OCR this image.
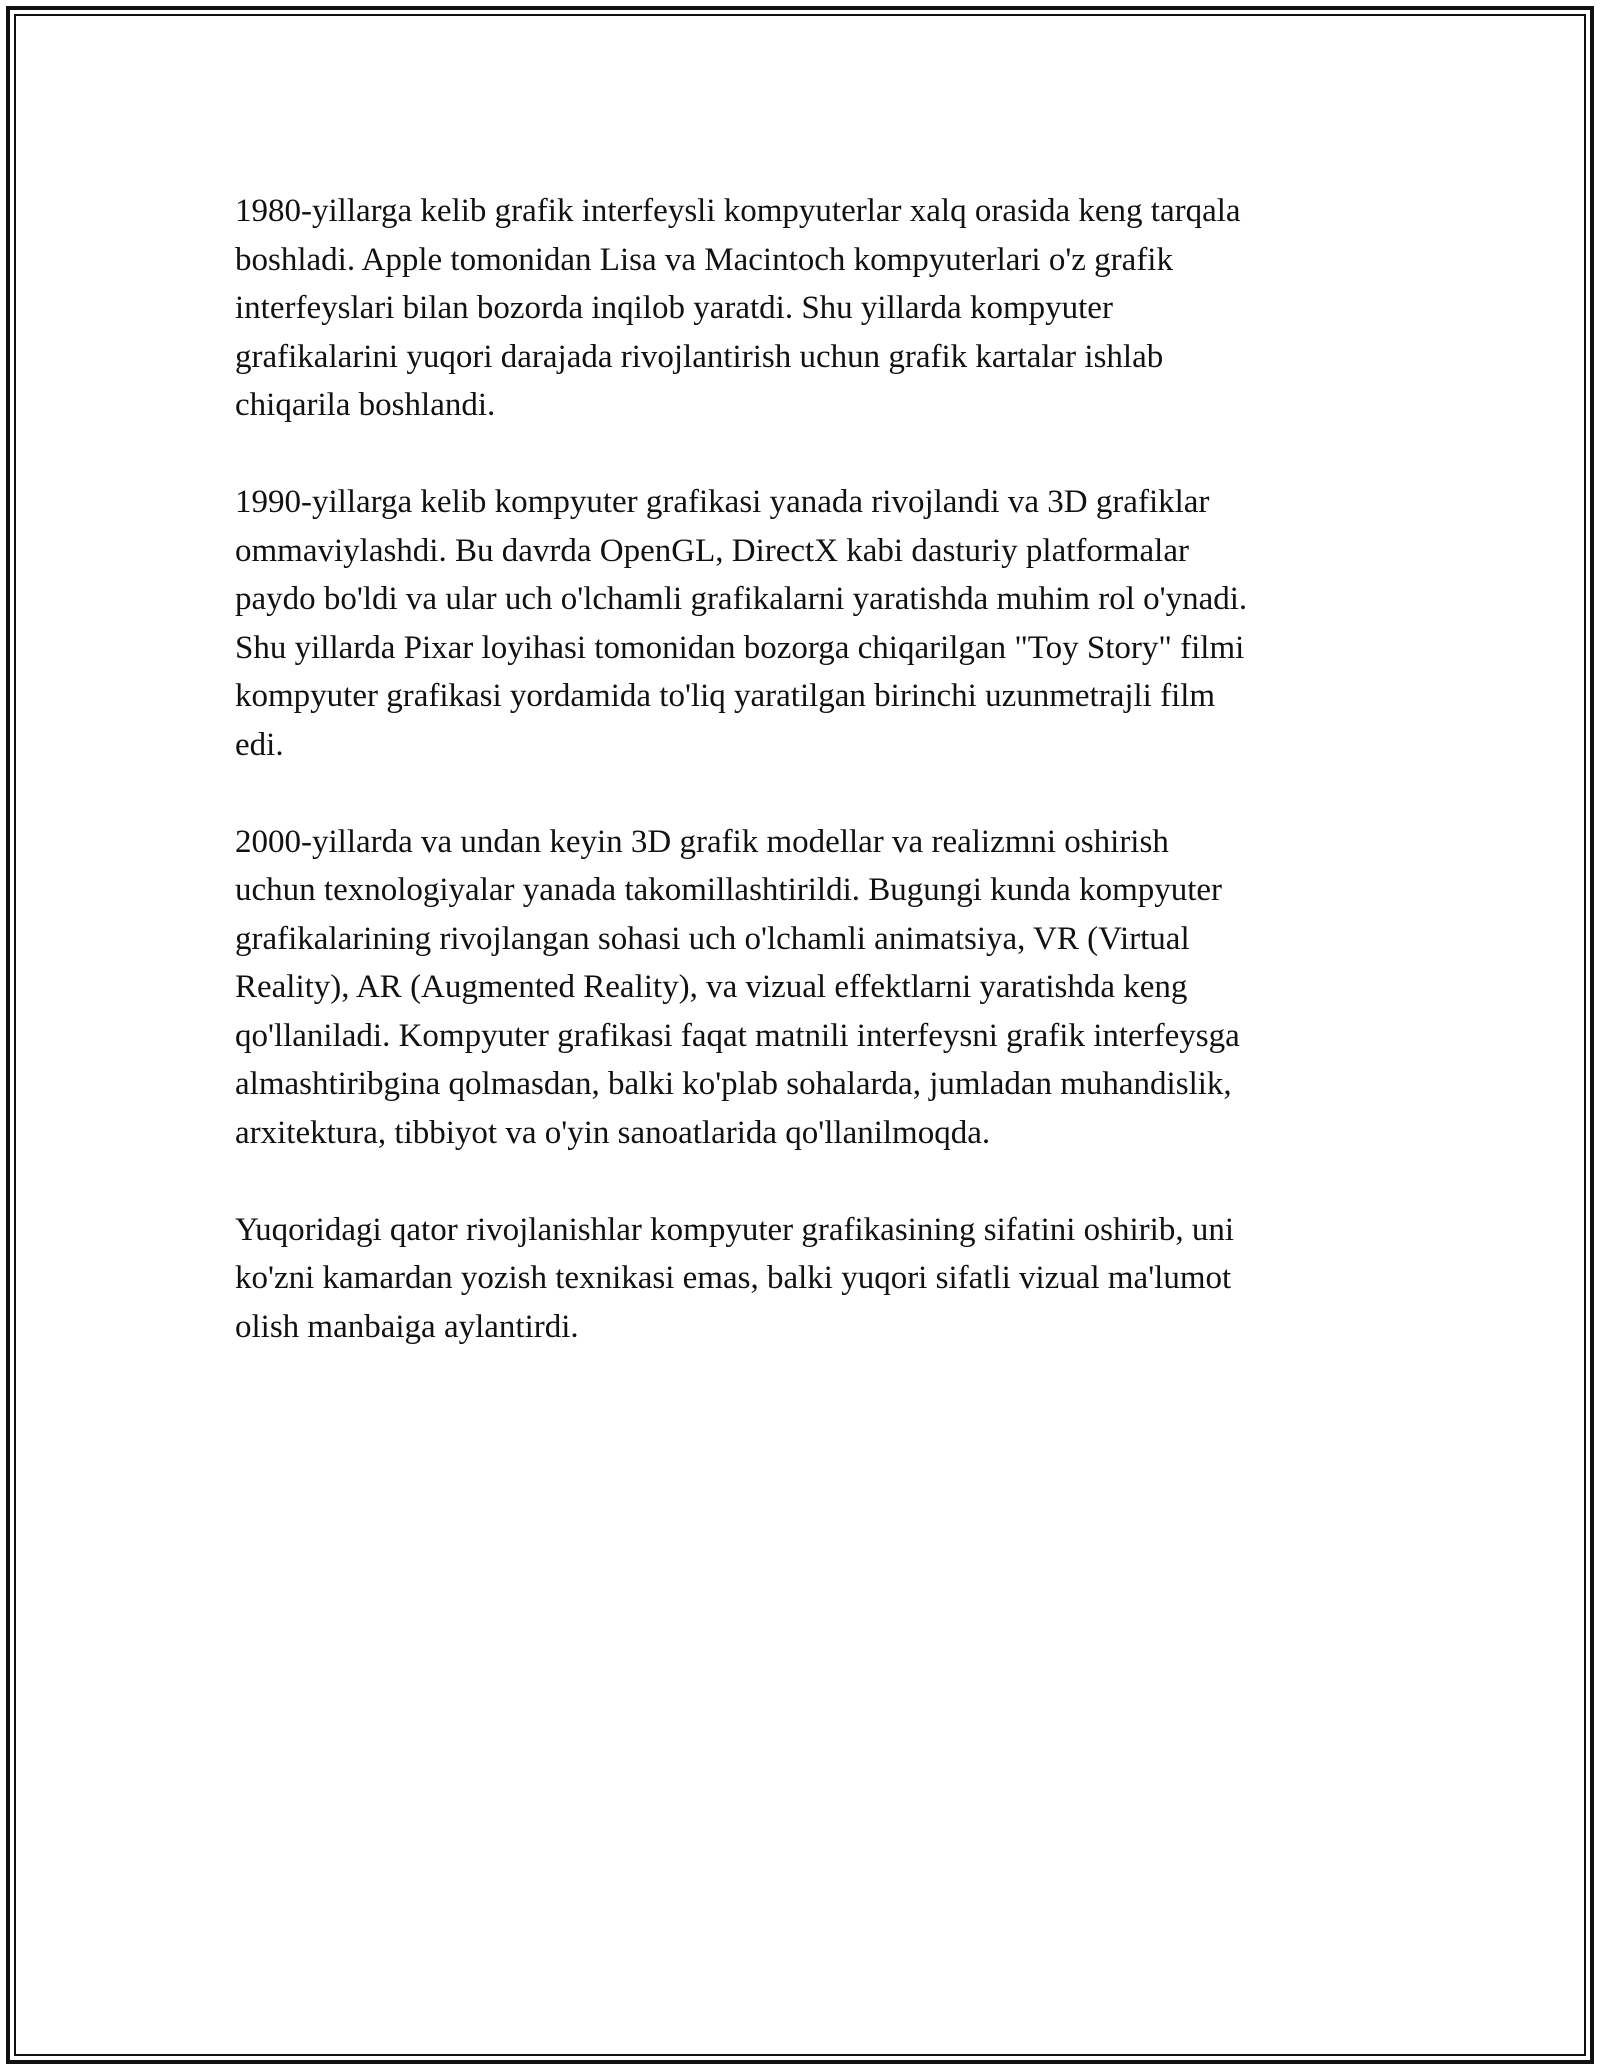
1980-yillarga kelib grafik interfeysli kompyuterlar xalq orasida keng tarqala
boshladi. Apple tomonidan Lisa va Macintoch kompyuterlari o'z grafik
interfeyslari bilan bozorda inqilob yaratdi. Shu yillarda kompyuter
grafikalarini yuqori darajada rivojlantirish uchun grafik kartalar ishlab
chiqarila boshlandi.

1990-yillarga kelib kompyuter grafikasi yanada rivojlandi va 3D grafiklar
ommaviylashdi. Bu davrda OpenGL, DirectX kabi dasturiy platformalar
paydo bo'ldi va ular uch o'lchamli grafikalarni yaratishda muhim rol o'ynadi.
Shu yillarda Pixar loyihasi tomonidan bozorga chiqarilgan "Toy Story" filmi
kompyuter grafikasi yordamida to'liq yaratilgan birinchi uzunmetrajli film
edi.

2000-yillarda va undan keyin 3D grafik modellar va realizmni oshirish
uchun texnologiyalar yanada takomillashtirildi. Bugungi kunda kompyuter
grafikalarining rivojlangan sohasi uch o'lchamli animatsiya, VR (Virtual
Reality), AR (Augmented Reality), va vizual effektlarni yaratishda keng
qo'llaniladi. Kompyuter grafikasi faqat matnili interfeysni grafik interfeysga
almashtiribgina qolmasdan, balki ko'plab sohalarda, jumladan muhandislik,
arxitektura, tibbiyot va o'yin sanoatlarida qo'llanilmoqda.

Yuqoridagi qator rivojlanishlar kompyuter grafikasining sifatini oshirib, uni
ko'zni kamardan yozish texnikasi emas, balki yuqori sifatli vizual ma'lumot
olish manbaiga aylantirdi.
